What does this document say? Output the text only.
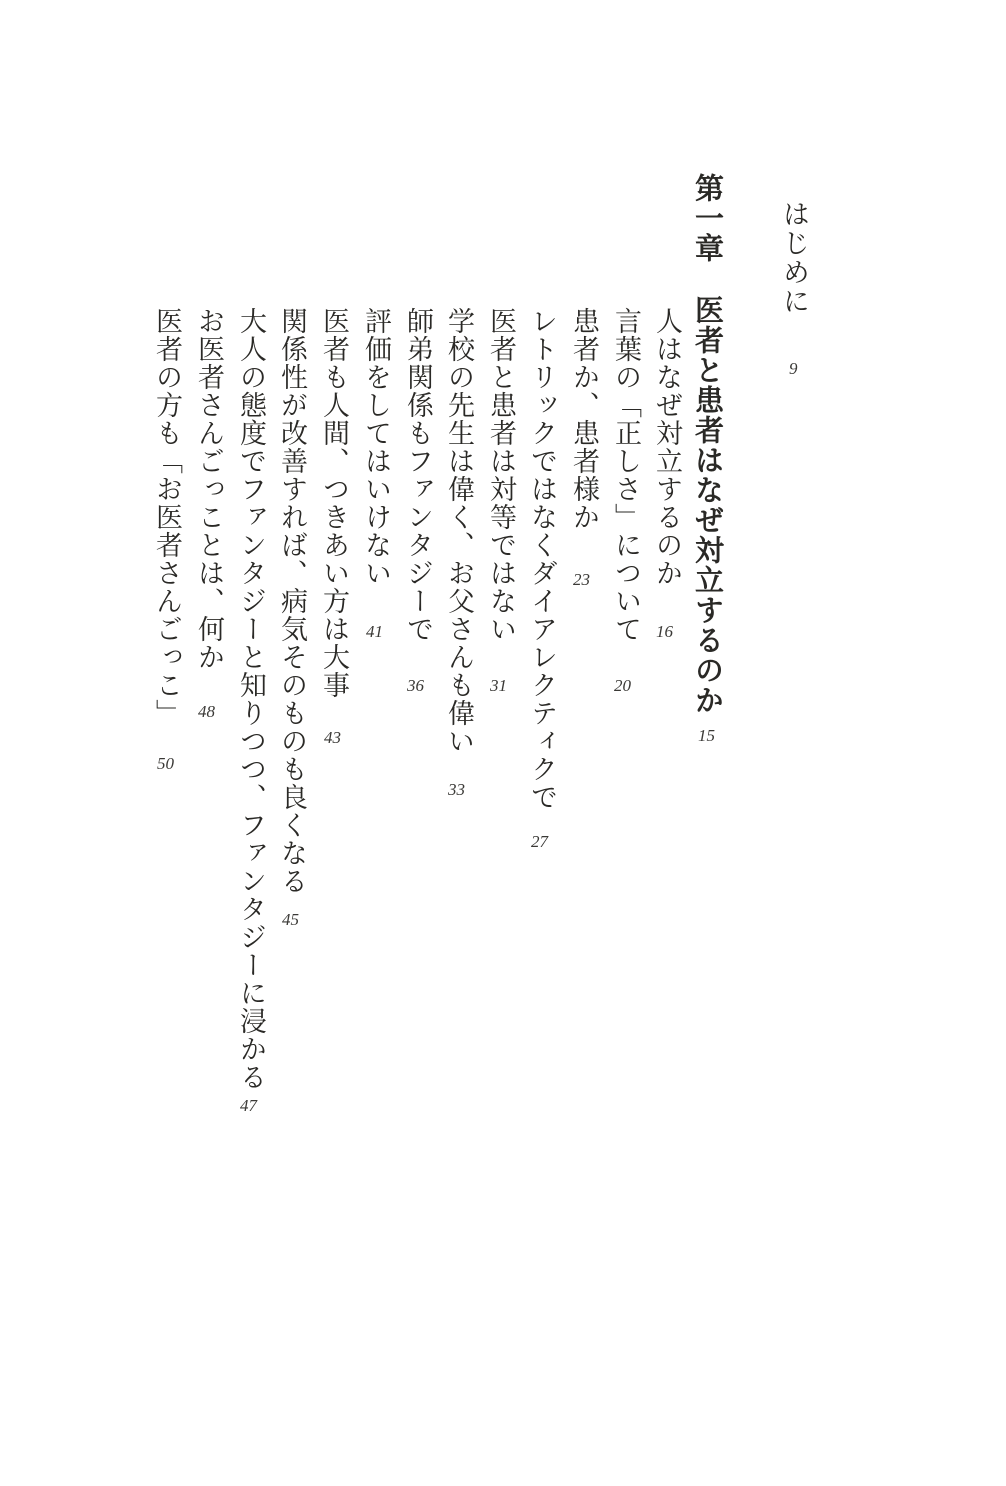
はじめに
9
第一章医者と患者はなぜ対立するのか
15
人はなぜ対立するのか
16
言葉の「正しさ」について
20
患者か、患者様か
23
レトリックではなくダイアレクティクで
27
医者と患者は対等ではない
31
学校の先生は偉く、お父さんも偉い
33
師弟関係もファンタジーで
36
評価をしてはいけない
41
医者も人間、つきあい方は大事
43
関係性が改善すれば、病気そのものも良くなる
45
大人の態度でファンタジーと知りつつ、ファンタジーに浸かる
47
お医者さんごっことは、何か
48
医者の方も「お医者さんごっこ」
50
